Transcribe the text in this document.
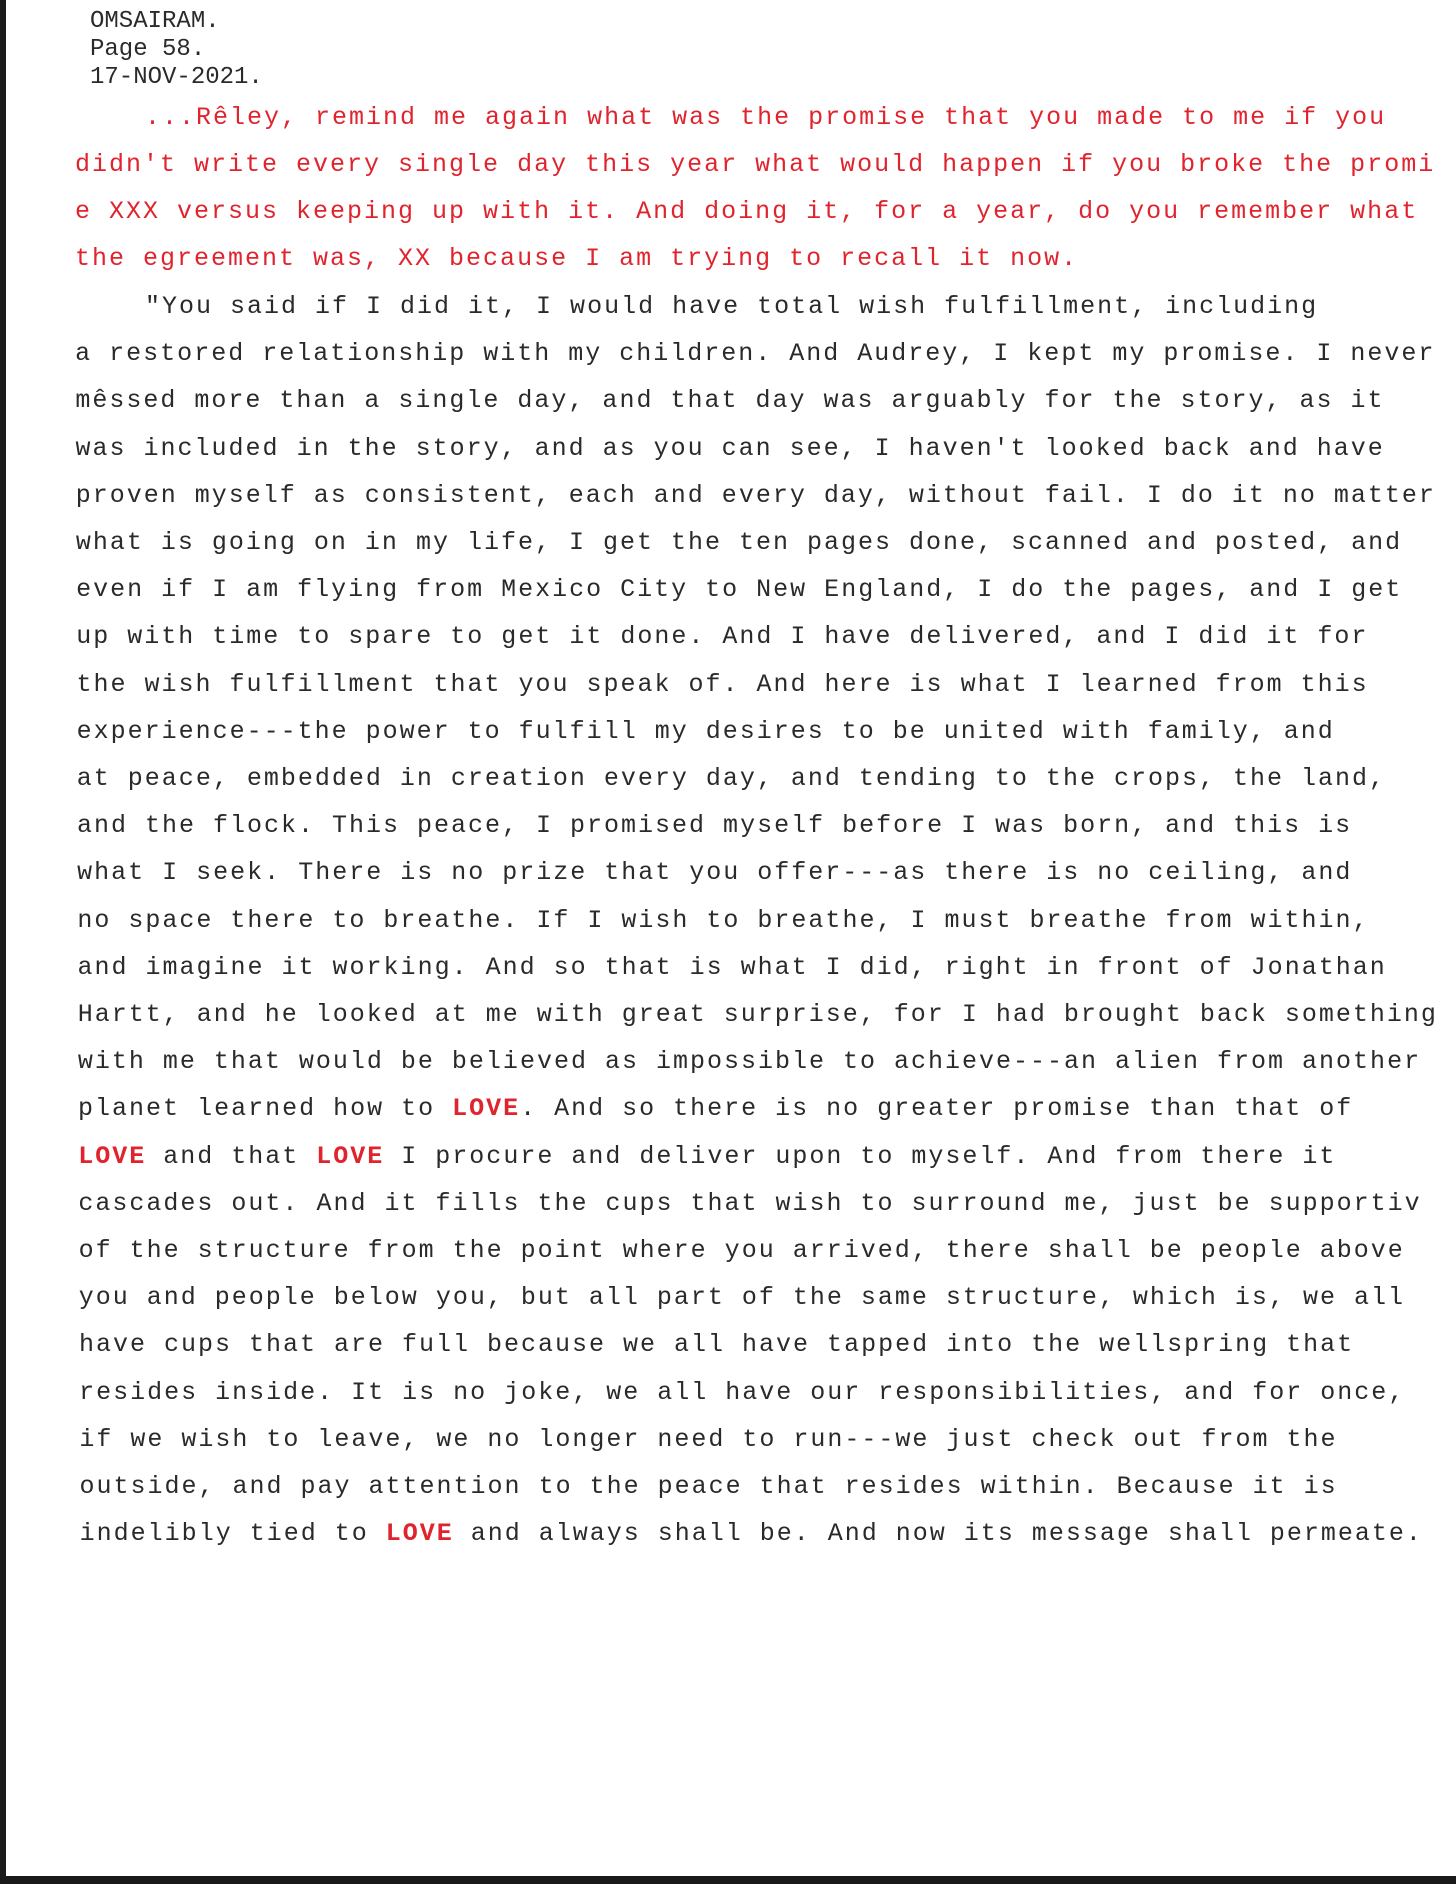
OMSAIRAM.
Page 58.
17-NOV-2021.
...Rêley, remind me again what was the promise that you made to me if you
didn't write every single day this year what would happen if you broke the promi
e XXX versus keeping up with it. And doing it, for a year, do you remember what
the egreement was, XX because I am trying to recall it now.
"You said if I did it, I would have total wish fulfillment, including
a restored relationship with my children. And Audrey, I kept my promise. I never
mêssed more than a single day, and that day was arguably for the story, as it
was included in the story, and as you can see, I haven't looked back and have
proven myself as consistent, each and every day, without fail. I do it no matter
what is going on in my life, I get the ten pages done, scanned and posted, and
even if I am flying from Mexico City to New England, I do the pages, and I get
up with time to spare to get it done. And I have delivered, and I did it for
the wish fulfillment that you speak of. And here is what I learned from this
experience---the power to fulfill my desires to be united with family, and
at peace, embedded in creation every day, and tending to the crops, the land,
and the flock. This peace, I promised myself before I was born, and this is
what I seek. There is no prize that you offer---as there is no ceiling, and
no space there to breathe. If I wish to breathe, I must breathe from within,
and imagine it working. And so that is what I did, right in front of Jonathan
Hartt, and he looked at me with great surprise, for I had brought back something
with me that would be believed as impossible to achieve---an alien from another
planet learned how to LOVE. And so there is no greater promise than that of
LOVE and that LOVE I procure and deliver upon to myself. And from there it
cascades out. And it fills the cups that wish to surround me, just be supportiv
of the structure from the point where you arrived, there shall be people above
you and people below you, but all part of the same structure, which is, we all
have cups that are full because we all have tapped into the wellspring that
resides inside. It is no joke, we all have our responsibilities, and for once,
if we wish to leave, we no longer need to run---we just check out from the
outside, and pay attention to the peace that resides within. Because it is
indelibly tied to LOVE and always shall be. And now its message shall permeate.
